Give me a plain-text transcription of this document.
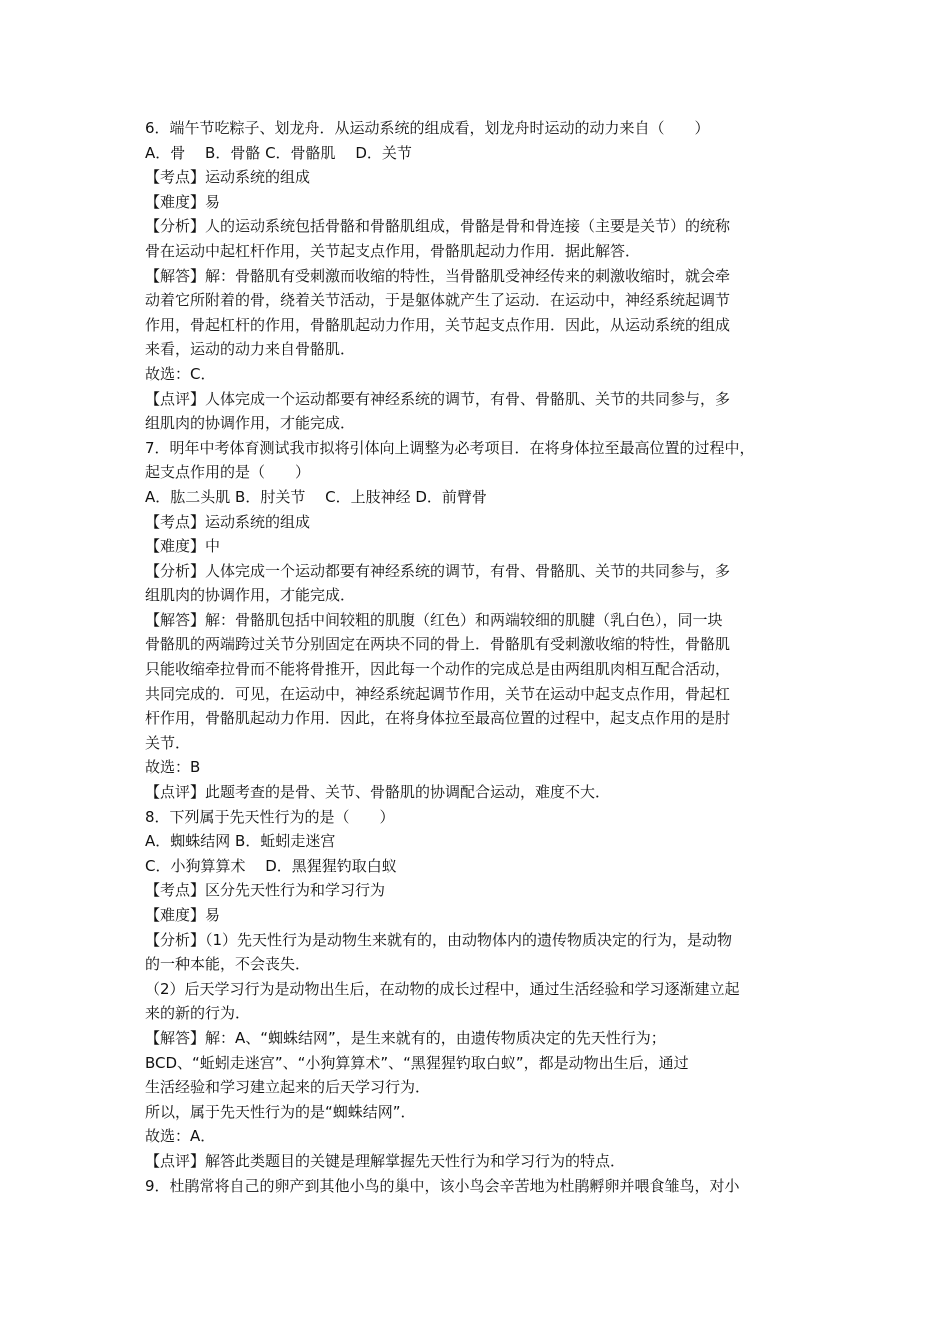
6．端午节吃粽子、划龙舟．从运动系统的组成看，划龙舟时运动的动力来自（　　）
A．骨　 B．骨骼 C．骨骼肌　 D．关节
【考点】运动系统的组成
【难度】易
【分析】人的运动系统包括骨骼和骨骼肌组成，骨骼是骨和骨连接（主要是关节）的统称
骨在运动中起杠杆作用，关节起支点作用，骨骼肌起动力作用．据此解答．
【解答】解：骨骼肌有受刺激而收缩的特性，当骨骼肌受神经传来的刺激收缩时，就会牵
动着它所附着的骨，绕着关节活动，于是躯体就产生了运动．在运动中，神经系统起调节
作用，骨起杠杆的作用，骨骼肌起动力作用，关节起支点作用．因此，从运动系统的组成
来看，运动的动力来自骨骼肌．
故选：C．
【点评】人体完成一个运动都要有神经系统的调节，有骨、骨骼肌、关节的共同参与，多
组肌肉的协调作用，才能完成．
7．明年中考体育测试我市拟将引体向上调整为必考项目．在将身体拉至最高位置的过程中，
起支点作用的是（　　）
A．肱二头肌 B．肘关节　 C．上肢神经 D．前臂骨
【考点】运动系统的组成
【难度】中
【分析】人体完成一个运动都要有神经系统的调节，有骨、骨骼肌、关节的共同参与，多
组肌肉的协调作用，才能完成．
【解答】解：骨骼肌包括中间较粗的肌腹（红色）和两端较细的肌腱（乳白色），同一块
骨骼肌的两端跨过关节分别固定在两块不同的骨上．骨骼肌有受刺激收缩的特性，骨骼肌
只能收缩牵拉骨而不能将骨推开，因此每一个动作的完成总是由两组肌肉相互配合活动，
共同完成的．可见，在运动中，神经系统起调节作用，关节在运动中起支点作用，骨起杠
杆作用，骨骼肌起动力作用．因此，在将身体拉至最高位置的过程中，起支点作用的是肘
关节．
故选：B
【点评】此题考查的是骨、关节、骨骼肌的协调配合运动，难度不大．
8．下列属于先天性行为的是（　　）
A．蜘蛛结网 B．蚯蚓走迷宫
C．小狗算算术　 D．黑猩猩钓取白蚁
【考点】区分先天性行为和学习行为
【难度】易
【分析】（1）先天性行为是动物生来就有的，由动物体内的遗传物质决定的行为，是动物
的一种本能，不会丧失．
（2）后天学习行为是动物出生后，在动物的成长过程中，通过生活经验和学习逐渐建立起
来的新的行为．
【解答】解：A、“蜘蛛结网”，是生来就有的，由遗传物质决定的先天性行为；
BCD、“蚯蚓走迷宫”、“小狗算算术”、“黑猩猩钓取白蚁”，都是动物出生后，通过
生活经验和学习建立起来的后天学习行为．
所以，属于先天性行为的是“蜘蛛结网”．
故选：A．
【点评】解答此类题目的关键是理解掌握先天性行为和学习行为的特点．
9．杜鹃常将自己的卵产到其他小鸟的巢中，该小鸟会辛苦地为杜鹃孵卵并喂食雏鸟，对小
